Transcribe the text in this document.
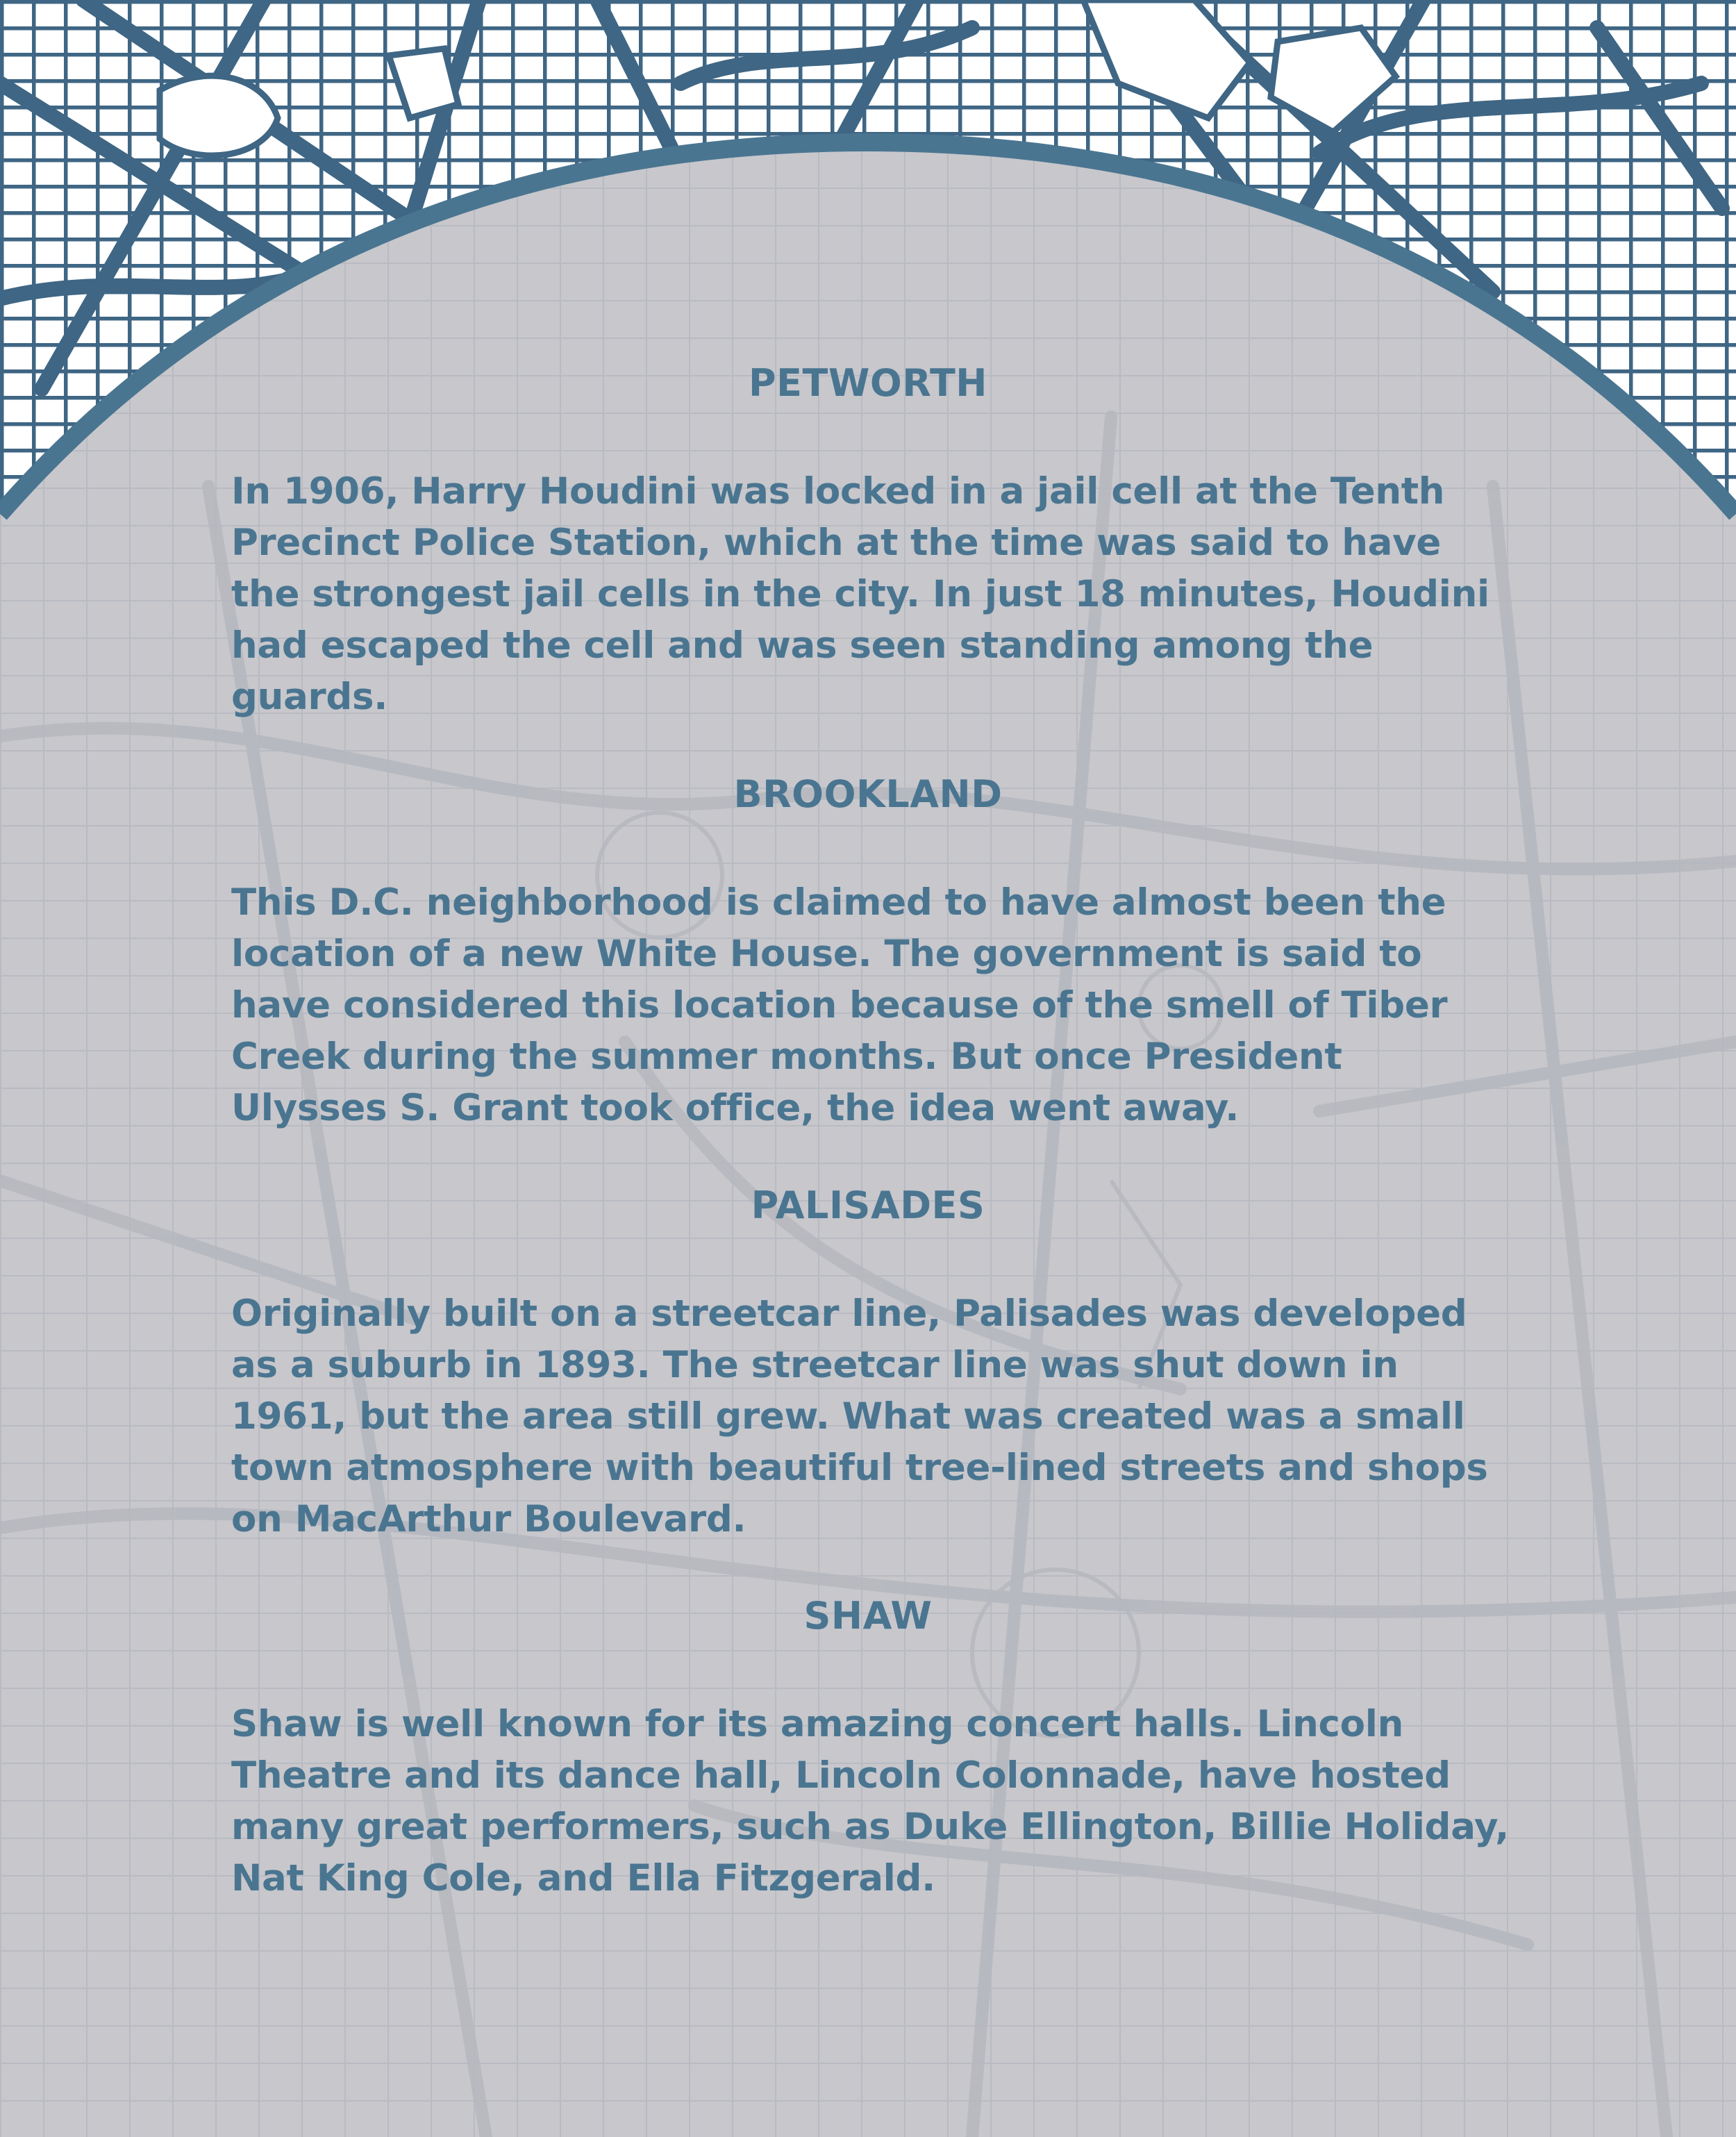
PETWORTH

In 1906, Harry Houdini was locked in a jail cell at the Tenth
Precinct Police Station, which at the time was said to have
the strongest jail cells in the city. In just 18 minutes, Houdini
had escaped the cell and was seen standing among the
guards.

BROOKLAND

This D.C. neighborhood is claimed to have almost been the
location of a new White House. The government is said to
have considered this location because of the smell of Tiber
Creek during the summer months. But once President
Ulysses S. Grant took office, the idea went away.

PALISADES

Originally built on a streetcar line, Palisades was developed
as a suburb in 1893. The streetcar line was shut down in
1961, but the area still grew. What was created was a small
town atmosphere with beautiful tree-lined streets and shops
on MacArthur Boulevard.

SHAW

Shaw is well known for its amazing concert halls. Lincoln
Theatre and its dance hall, Lincoln Colonnade, have hosted
many great performers, such as Duke Ellington, Billie Holiday,
Nat King Cole, and Ella Fitzgerald.
